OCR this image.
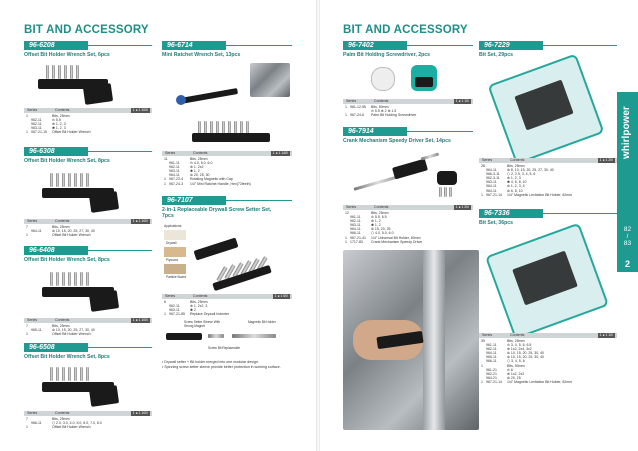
BIT AND ACCESSORY
96-6208
Offset Bit Holder Wrench Set, 6pcs
Series	Contents	1 ● 1 100/
1	Bits, 25mm
962-11	⊝ 5.5
962-11	⊕ 1, 2, 3
963-11	✱ 1, 2, 3
1 967-21-15	Offset Bit Holder Wrench
96-6308
Offset Bit Holder Wrench Set, 8pcs
Series	Contents	1 ● 1 100/
7	Bits, 25mm
964-11	⊛ 10, 15, 20, 25, 27, 30, 40
1	Offset Bit Holder Wrench
96-6408
Offset Bit Holder Wrench Set, 8pcs
Series	Contents	1 ● 1 100/
7	Bits, 25mm
965-11	⊛ 10, 15, 20, 25, 27, 30, 40
1	Offset Bit Holder Wrench
96-6508
Offset Bit Holder Wrench Set, 8pcs
Series	Contents	1 ● 1 100/
7	Bits, 25mm
966-11	⬡ 2.0, 3.0, 4.0, 5.0, 6.0, 7.0, 8.0
1	Offset Bit Holder Wrench
96-6714
Mini Ratchet Wrench Set, 13pcs
Series	Contents	1 ● 1 140/
11	Bits, 25mm
961-11	⊝ 4.0, 5.0, 6.0
962-11	⊕ 1, 2x2
963-11	✱ 1, 2
964-11	⊛ 20, 25, 30
1 967-22-4	Rotating Magnetic with Cap
1 967-24-3	1/4" Mini Ratchet Handle, Hex(72teeth)
96-7107
2-in-1 Replaceable Drywall Screw Setter Set, 7pcs
Applications:
Drywall
Plywood
Particle Board
Series	Contents	1 ● 1 60/
6	Bits, 25mm
962-11	⊕ 1, 2x2, 3
963-11	✱ 2
1 967-21-85	Replace Drywall Indenter
Screw Setter Sleeve With Strong Magnet
Magnetic Bit Holder
Screw Bit Replaceable
• Drywall setter + Bit holder merged into one modular design.
• Spinning screw setter sleeve provide better protection in working surface.
BIT AND ACCESSORY
96-7402
Palm Bit Holding Screwdriver, 2pcs
Series	Contents	1 ● 1 10/
1 961-12-55	Bits, 50mm
⊝ 5.5 ⊕ 2 ⊕ 1.5
1 967-24-6	Palm Bit Holding Screwdriver
96-7914
Crank Mechanism Speedy Driver Set, 14pcs
Series	Contents	1 ● 1 20/
12	Bits, 25mm
961-11	⊝ 5.5, 6.5
962-11	⊕ 1, 2
963-11	✱ 1, 2
964-11	⊛ 15, 20, 25
966-11	⬡ 4.0, 5.0, 6.0
1 967-21-41	1/4" Universal Bit Holder, 60mm
1 1717-83	Crank Mechanism Speedy Driver
96-7229
Bit Set, 29pcs
Series	Contents	1 ● 1 20/
28	Bits, 25mm
964-11	⊛ 8, 10, 15, 20, 25, 27, 30, 40
966-3-11	⬡ 2, 2.5, 3, 4, 5, 6
962-3-11	⊕ 1, 2, 3
963-11	✱ 4, 6, 8, 10
964-11	⊛ 1, 2, 3, 4
964-11	⊛ 6, 8, 10
1 967-21-14	1/4" Magnetic Levitation Bit Holder, 62mm
96-7336
Bit Set, 36pcs
Series	Contents	1 ● 1 10/
35	Bits, 25mm
961-11	⊝ 3, 4, 5, 6, 6.5
962-11	⊕ 1x2, 2x4, 3x2
964-11	⊛ 10, 15, 20, 25, 30, 40
965-11	⊛ 10, 15, 20, 25, 30, 40
966-11	⬡ 3, 4, 5, 6
1	Bits, 50mm
961-21	⊝ 6
962-21	⊕ 1x2, 2x2
964-21	⊛ 20, 25
1 967-21-14	1/4" Magnetic Levitation Bit Holder, 62mm
whirlpower
82
/
83
2
